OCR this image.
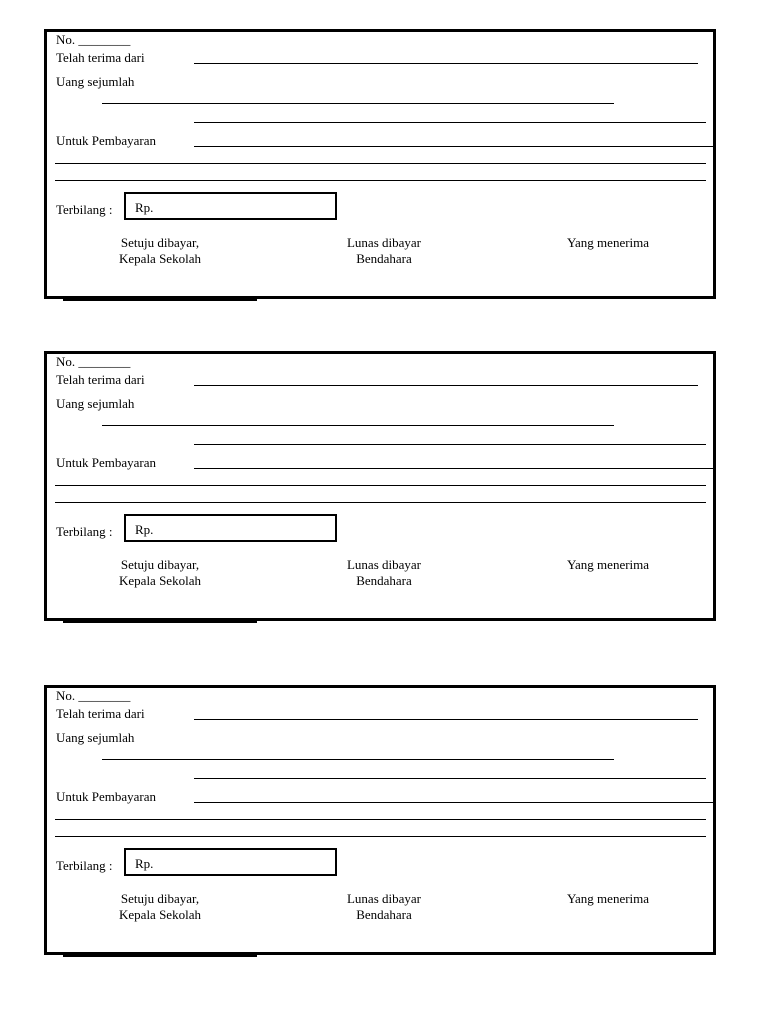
No. ________
Telah terima dari
Uang sejumlah
Untuk Pembayaran
Terbilang : Rp.
Setuju dibayar,
Kepala Sekolah
Lunas dibayar
Bendahara
Yang menerima
No. ________
Telah terima dari
Uang sejumlah
Untuk Pembayaran
Terbilang : Rp.
Setuju dibayar,
Kepala Sekolah
Lunas dibayar
Bendahara
Yang menerima
No. ________
Telah terima dari
Uang sejumlah
Untuk Pembayaran
Terbilang : Rp.
Setuju dibayar,
Kepala Sekolah
Lunas dibayar
Bendahara
Yang menerima
